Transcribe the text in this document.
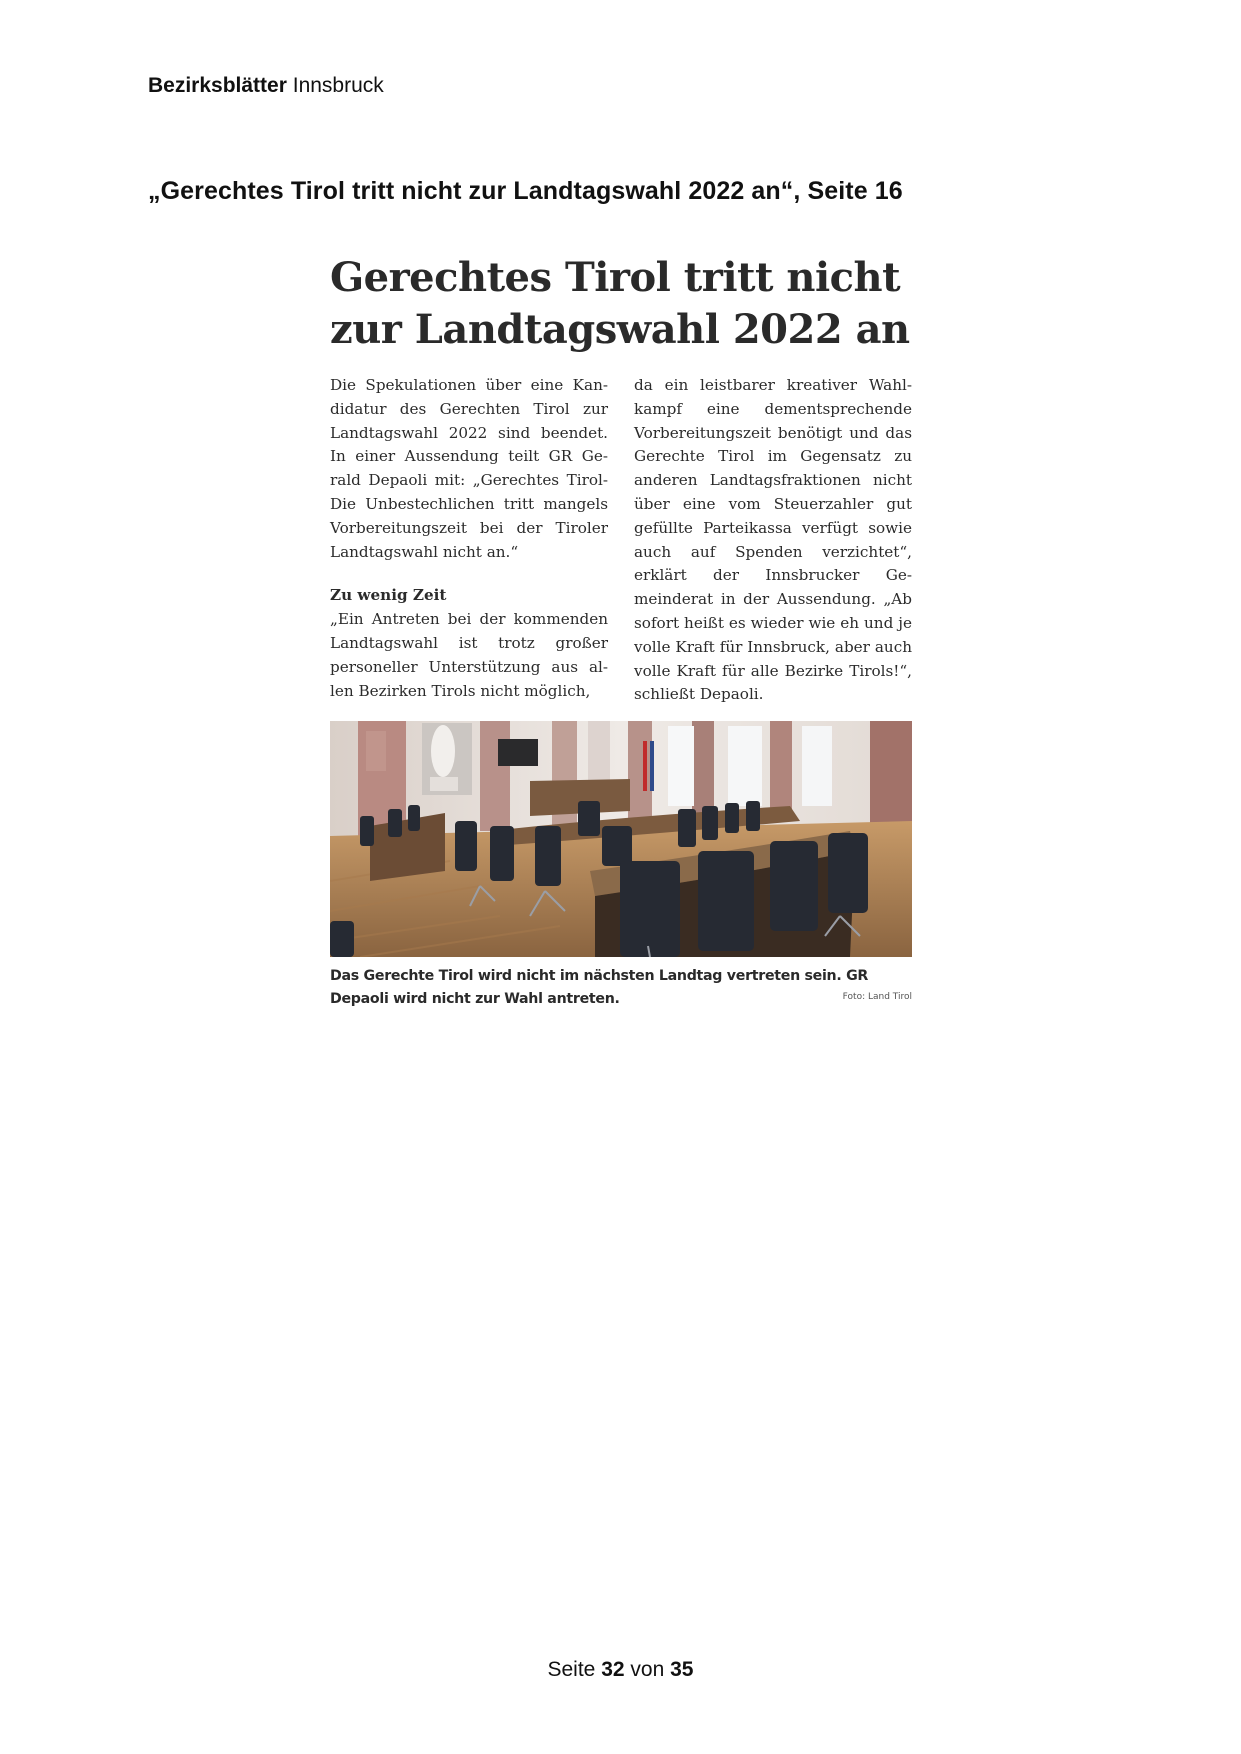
Bezirksblätter Innsbruck
„Gerechtes Tirol tritt nicht zur Landtagswahl 2022 an“, Seite 16
Gerechtes Tirol tritt nicht
zur Landtagswahl 2022 an

Die Spekulationen über eine Kandidatur des Gerechten Tirol zur Landtagswahl 2022 sind beendet. In einer Aussendung teilt GR Gerald Depaoli mit: „Gerechtes Tirol-Die Unbestechlichen tritt mangels Vorbereitungszeit bei der Tiroler Landtagswahl nicht an.“

Zu wenig Zeit

„Ein Antreten bei der kommenden Landtagswahl ist trotz großer personeller Unterstützung aus allen Bezirken Tirols nicht möglich,

da ein leistbarer kreativer Wahlkampf eine dementsprechende Vorbereitungszeit benötigt und das Gerechte Tirol im Gegensatz zu anderen Landtagsfraktionen nicht über eine vom Steuerzahler gut gefüllte Parteikassa verfügt sowie auch auf Spenden verzichtet“, erklärt der Innsbrucker Gemeinderat in der Aussendung. „Ab sofort heißt es wieder wie eh und je volle Kraft für Innsbruck, aber auch volle Kraft für alle Bezirke Tirols!“, schließt Depaoli.

Das Gerechte Tirol wird nicht im nächsten Landtag vertreten sein. GR Depaoli wird nicht zur Wahl antreten.	Foto: Land Tirol
Seite 32 von 35
